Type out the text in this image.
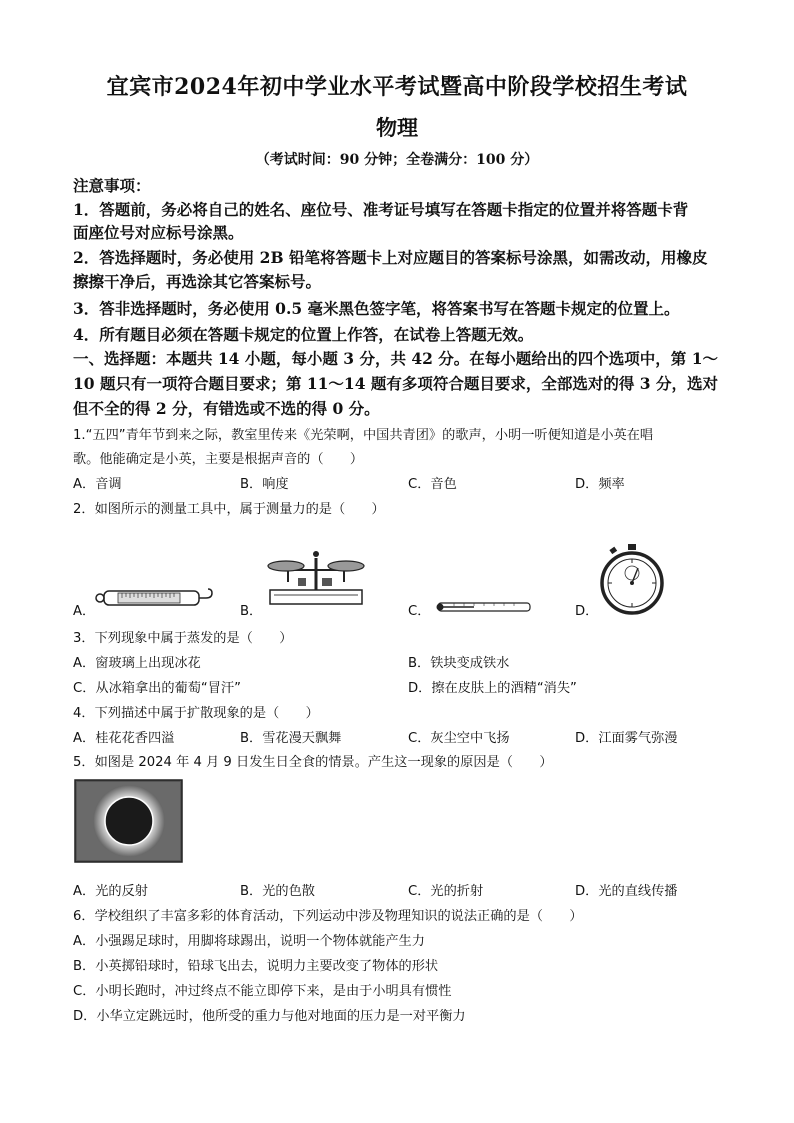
宜宾市2024年初中学业水平考试暨高中阶段学校招生考试
物理
（考试时间：90 分钟；全卷满分：100 分）
注意事项：
1．答题前，务必将自己的姓名、座位号、准考证号填写在答题卡指定的位置并将答题卡背
面座位号对应标号涂黑。
2．答选择题时，务必使用 2B 铅笔将答题卡上对应题目的答案标号涂黑，如需改动，用橡皮
擦擦干净后，再选涂其它答案标号。
3．答非选择题时，务必使用 0.5 毫米黑色签字笔，将答案书写在答题卡规定的位置上。
4．所有题目必须在答题卡规定的位置上作答，在试卷上答题无效。
一、选择题：本题共 14 小题，每小题 3 分，共 42 分。在每小题给出的四个选项中，第 1～
10 题只有一项符合题目要求；第 11～14 题有多项符合题目要求，全部选对的得 3 分，选对
但不全的得 2 分，有错选或不选的得 0 分。
1.“五四”青年节到来之际，教室里传来《光荣啊，中国共青团》的歌声，小明一听便知道是小英在唱
歌。他能确定是小英，主要是根据声音的（　　）
A．音调	B．响度	C．音色	D．频率
2．如图所示的测量工具中，属于测量力的是（　　）
A．	B．	C．	D．
3．下列现象中属于蒸发的是（　　）
A．窗玻璃上出现冰花	B．铁块变成铁水
C．从冰箱拿出的葡萄“冒汗”	D．擦在皮肤上的酒精“消失”
4．下列描述中属于扩散现象的是（　　）
A．桂花花香四溢	B．雪花漫天飘舞	C．灰尘空中飞扬	D．江面雾气弥漫
5．如图是 2024 年 4 月 9 日发生日全食的情景。产生这一现象的原因是（　　）
A．光的反射	B．光的色散	C．光的折射	D．光的直线传播
6．学校组织了丰富多彩的体育活动，下列运动中涉及物理知识的说法正确的是（　　）
A．小强踢足球时，用脚将球踢出，说明一个物体就能产生力
B．小英掷铅球时，铅球飞出去，说明力主要改变了物体的形状
C．小明长跑时，冲过终点不能立即停下来，是由于小明具有惯性
D．小华立定跳远时，他所受的重力与他对地面的压力是一对平衡力
